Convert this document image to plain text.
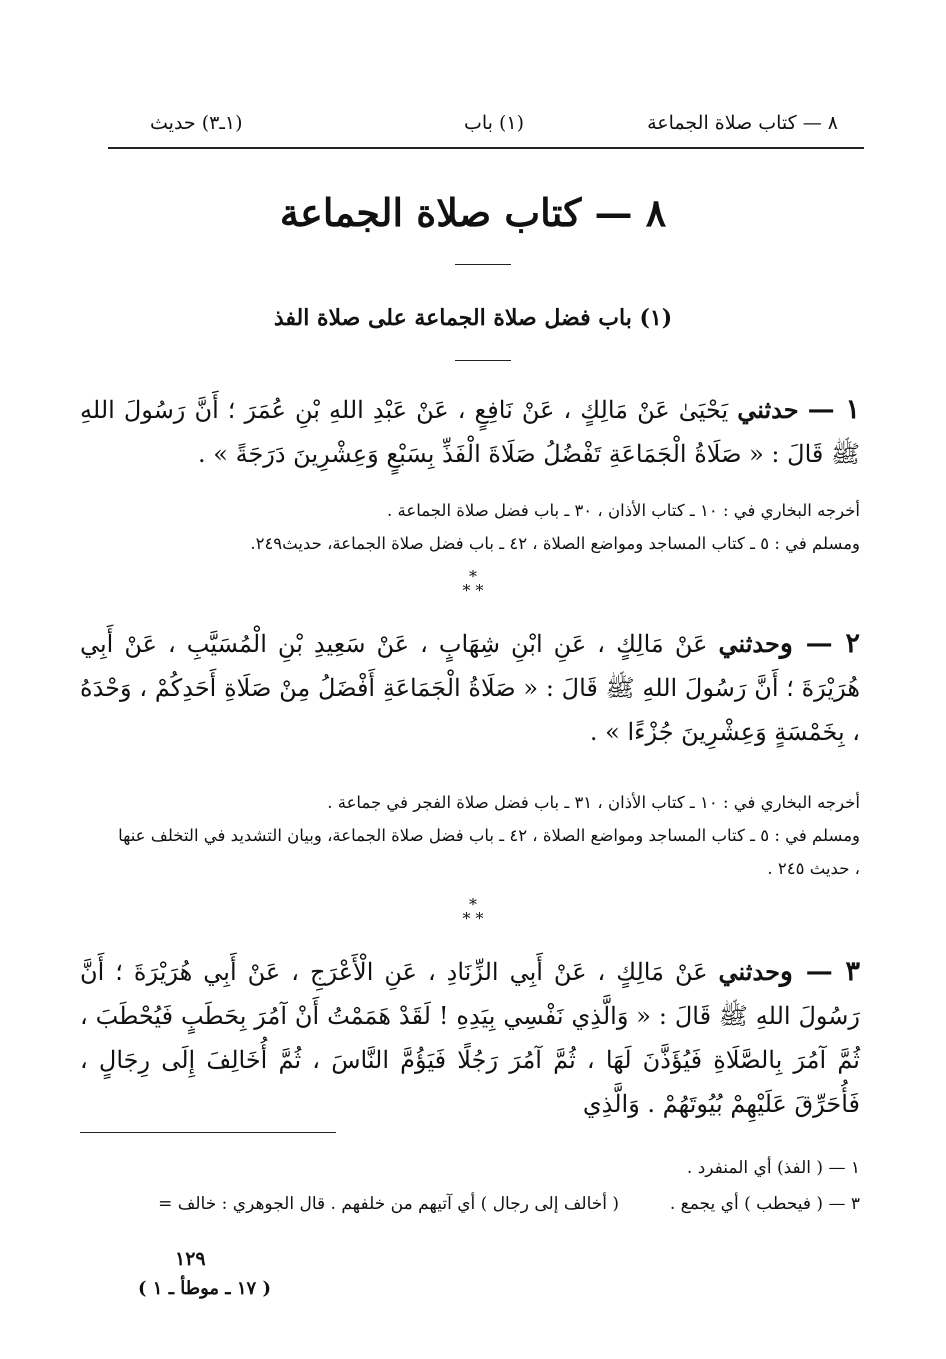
٨ — كتاب صلاة الجماعة
(١) باب
(١ـ٣) حديث
٨ — كتاب صلاة الجماعة
(١) باب فضل صلاة الجماعة على صلاة الفذ
١ — حدثني يَحْيَىٰ عَنْ مَالِكٍ ، عَنْ نَافِعٍ ، عَنْ عَبْدِ اللهِ بْنِ عُمَرَ ؛ أَنَّ رَسُولَ اللهِ ﷺ قَالَ : « صَلَاةُ الْجَمَاعَةِ تَفْضُلُ صَلَاةَ الْفَذِّ بِسَبْعٍ وَعِشْرِينَ دَرَجَةً » .

أخرجه البخاري في : ١٠ ـ كتاب الأذان ، ٣٠ ـ باب فضل صلاة الجماعة .

ومسلم في : ٥ ـ كتاب المساجد ومواضع الصلاة ، ٤٢ ـ باب فضل صلاة الجماعة، حديث٢٤٩.

*
* *
٢ — وحدثني عَنْ مَالِكٍ ، عَنِ ابْنِ شِهَابٍ ، عَنْ سَعِيدِ بْنِ الْمُسَيَّبِ ، عَنْ أَبِي هُرَيْرَةَ ؛ أَنَّ رَسُولَ اللهِ ﷺ قَالَ : « صَلَاةُ الْجَمَاعَةِ أَفْضَلُ مِنْ صَلَاةِ أَحَدِكُمْ ، وَحْدَهُ ، بِخَمْسَةٍ وَعِشْرِينَ جُزْءًا » .

أخرجه البخاري في : ١٠ ـ كتاب الأذان ، ٣١ ـ باب فضل صلاة الفجر في جماعة .

ومسلم في : ٥ ـ كتاب المساجد ومواضع الصلاة ، ٤٢ ـ باب فضل صلاة الجماعة، وبيان التشديد في التخلف عنها ، حديث ٢٤٥ .

*
* *
٣ — وحدثني عَنْ مَالِكٍ ، عَنْ أَبِي الزِّنَادِ ، عَنِ الْأَعْرَجِ ، عَنْ أَبِي هُرَيْرَةَ ؛ أَنَّ رَسُولَ اللهِ ﷺ قَالَ : « وَالَّذِي نَفْسِي بِيَدِهِ ! لَقَدْ هَمَمْتُ أَنْ آمُرَ بِحَطَبٍ فَيُحْطَبَ ، ثُمَّ آمُرَ بِالصَّلَاةِ فَيُؤَذَّنَ لَهَا ، ثُمَّ آمُرَ رَجُلًا فَيَؤُمَّ النَّاسَ ، ثُمَّ أُخَالِفَ إِلَى رِجَالٍ ، فَأُحَرِّقَ عَلَيْهِمْ بُيُوتَهُمْ . وَالَّذِي

١ — ( الفذ) أي المنفرد .

٣ — ( فيحطب ) أي يجمع .  ( أخالف إلى رجال ) أي آتيهم من خلفهم . قال الجوهري : خالف =

١٢٩
( ١٧ ـ موطأ ـ ١ )
